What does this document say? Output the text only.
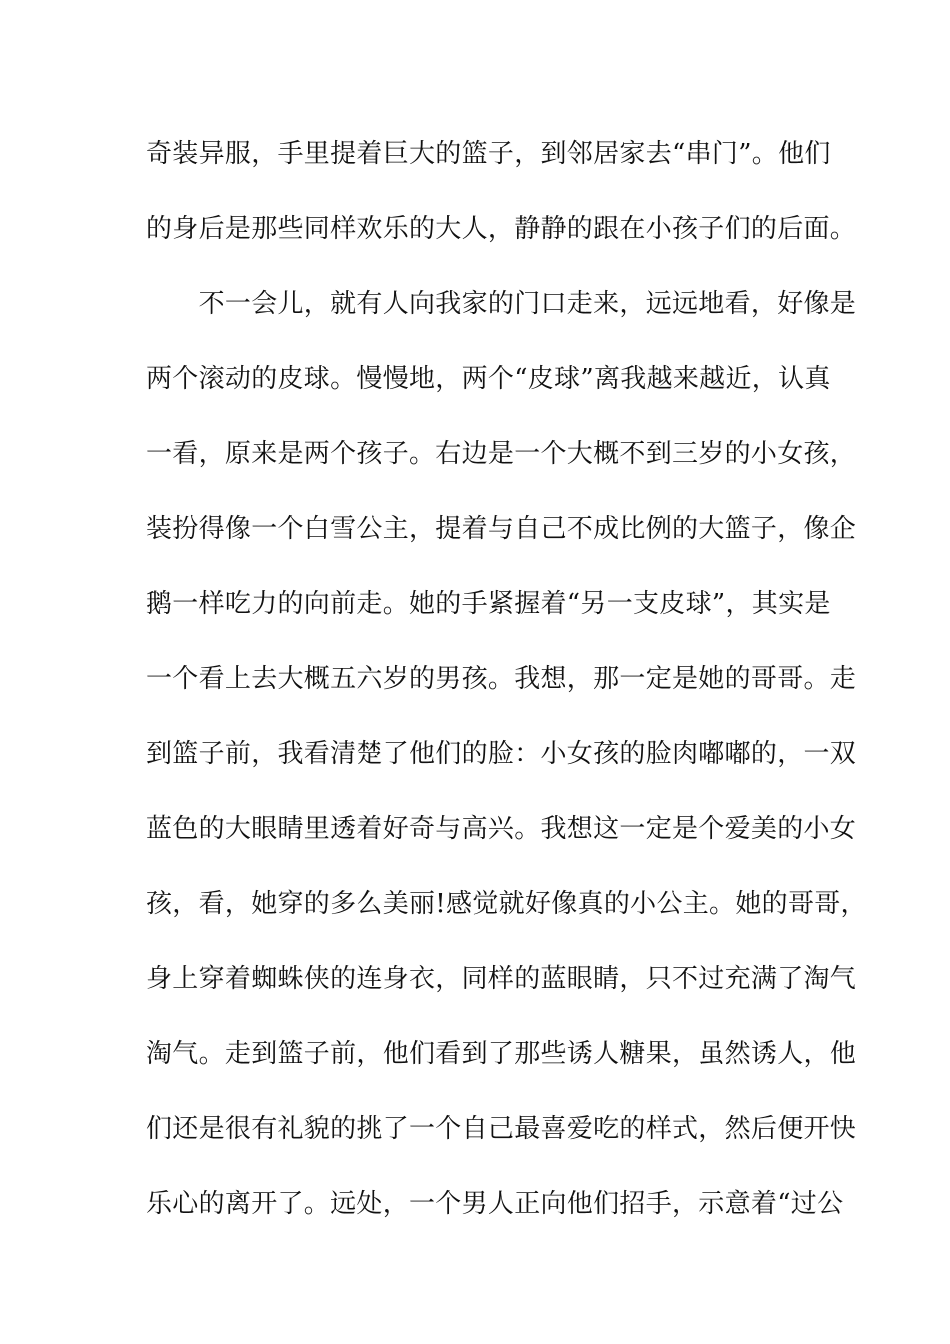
奇装异服，手里提着巨大的篮子，到邻居家去“串门”。他们
的身后是那些同样欢乐的大人，静静的跟在小孩子们的后面。
　　不一会儿，就有人向我家的门口走来，远远地看，好像是
两个滚动的皮球。慢慢地，两个“皮球”离我越来越近，认真
一看，原来是两个孩子。右边是一个大概不到三岁的小女孩，
装扮得像一个白雪公主，提着与自己不成比例的大篮子，像企
鹅一样吃力的向前走。她的手紧握着“另一支皮球”，其实是
一个看上去大概五六岁的男孩。我想，那一定是她的哥哥。走
到篮子前，我看清楚了他们的脸：小女孩的脸肉嘟嘟的，一双
蓝色的大眼睛里透着好奇与高兴。我想这一定是个爱美的小女
孩，看，她穿的多么美丽!感觉就好像真的小公主。她的哥哥，
身上穿着蜘蛛侠的连身衣，同样的蓝眼睛，只不过充满了淘气
淘气。走到篮子前，他们看到了那些诱人糖果，虽然诱人，他
们还是很有礼貌的挑了一个自己最喜爱吃的样式，然后便开快
乐心的离开了。远处，一个男人正向他们招手，示意着“过公
